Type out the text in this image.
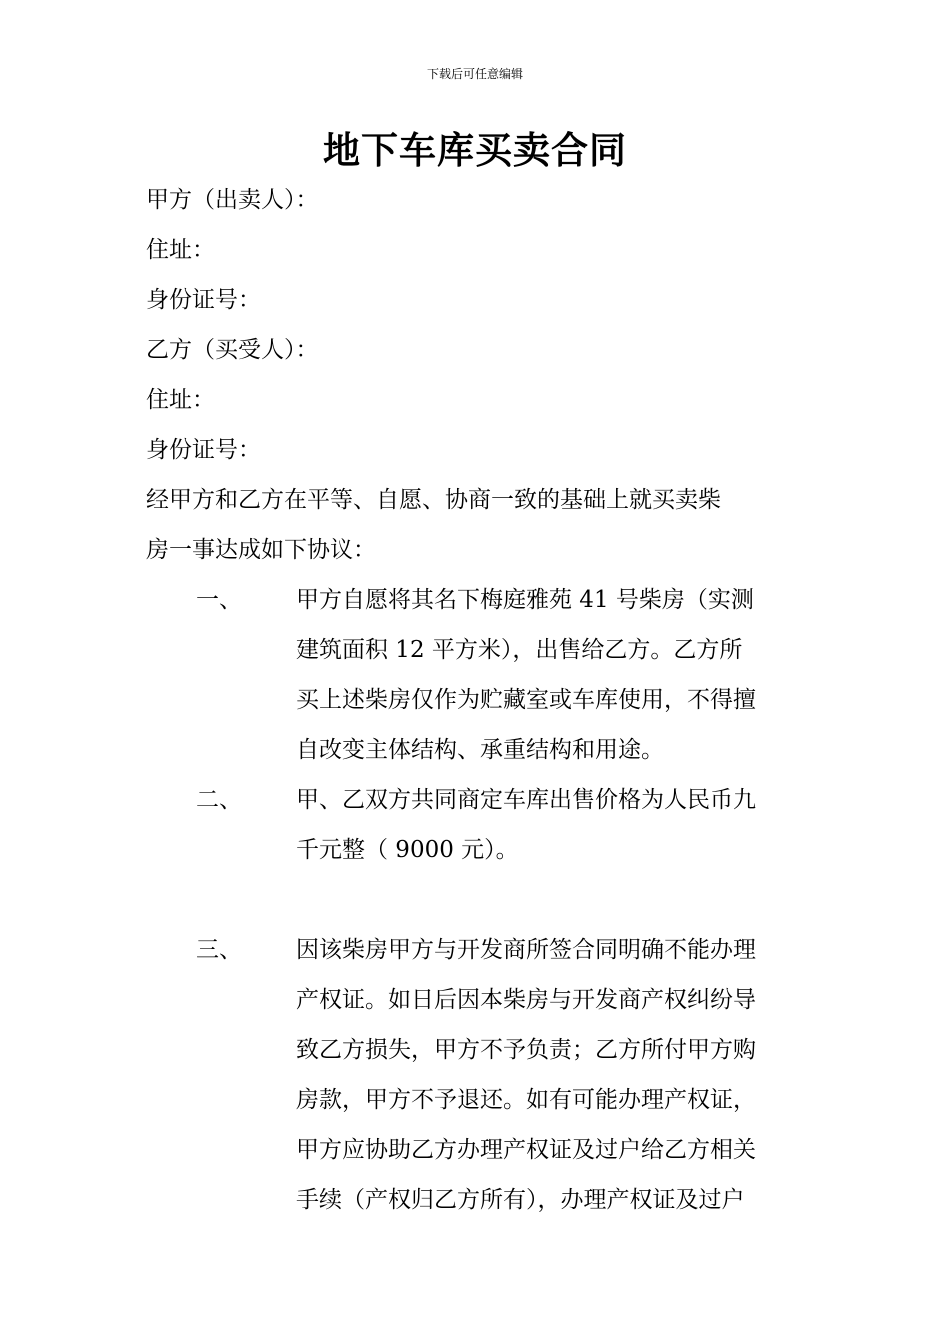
下载后可任意编辑
地下车库买卖合同
甲方（出卖人）：
住址：
身份证号：
乙方（买受人）：
住址：
身份证号：
经甲方和乙方在平等、自愿、协商一致的基础上就买卖柴
房一事达成如下协议：
一、	甲方自愿将其名下梅庭雅苑 41 号柴房（实测
建筑面积 12 平方米），出售给乙方。乙方所
买上述柴房仅作为贮藏室或车库使用，不得擅
自改变主体结构、承重结构和用途。
二、	甲、乙双方共同商定车库出售价格为人民币九
千元整（ 9000 元）。
三、	因该柴房甲方与开发商所签合同明确不能办理
产权证。如日后因本柴房与开发商产权纠纷导
致乙方损失，甲方不予负责；乙方所付甲方购
房款，甲方不予退还。如有可能办理产权证，
甲方应协助乙方办理产权证及过户给乙方相关
手续（产权归乙方所有），办理产权证及过户
